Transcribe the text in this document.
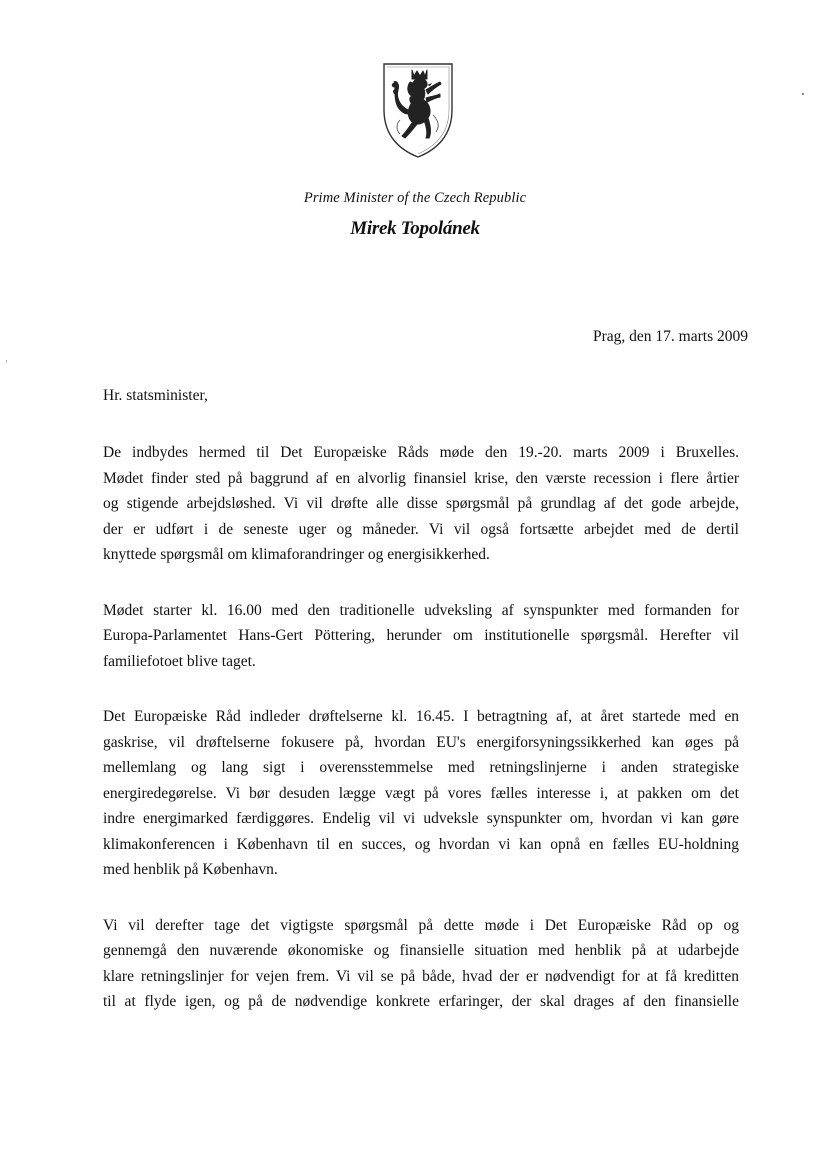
Prime Minister of the Czech Republic
Mirek Topolánek
Prag, den 17. marts 2009
Hr. statsminister,

De indbydes hermed til Det Europæiske Råds møde den 19.-20. marts 2009 i Bruxelles.
Mødet finder sted på baggrund af en alvorlig finansiel krise, den værste recession i flere årtier
og stigende arbejdsløshed. Vi vil drøfte alle disse spørgsmål på grundlag af det gode arbejde,
der er udført i de seneste uger og måneder. Vi vil også fortsætte arbejdet med de dertil
knyttede spørgsmål om klimaforandringer og energisikkerhed.

Mødet starter kl. 16.00 med den traditionelle udveksling af synspunkter med formanden for
Europa-Parlamentet Hans-Gert Pöttering, herunder om institutionelle spørgsmål. Herefter vil
familiefotoet blive taget.

Det Europæiske Råd indleder drøftelserne kl. 16.45. I betragtning af, at året startede med en
gaskrise, vil drøftelserne fokusere på, hvordan EU's energiforsyningssikkerhed kan øges på
mellemlang og lang sigt i overensstemmelse med retningslinjerne i anden strategiske
energiredegørelse. Vi bør desuden lægge vægt på vores fælles interesse i, at pakken om det
indre energimarked færdiggøres. Endelig vil vi udveksle synspunkter om, hvordan vi kan gøre
klimakonferencen i København til en succes, og hvordan vi kan opnå en fælles EU-holdning
med henblik på København.

Vi vil derefter tage det vigtigste spørgsmål på dette møde i Det Europæiske Råd op og
gennemgå den nuværende økonomiske og finansielle situation med henblik på at udarbejde
klare retningslinjer for vejen frem. Vi vil se på både, hvad der er nødvendigt for at få kreditten
til at flyde igen, og på de nødvendige konkrete erfaringer, der skal drages af den finansielle
